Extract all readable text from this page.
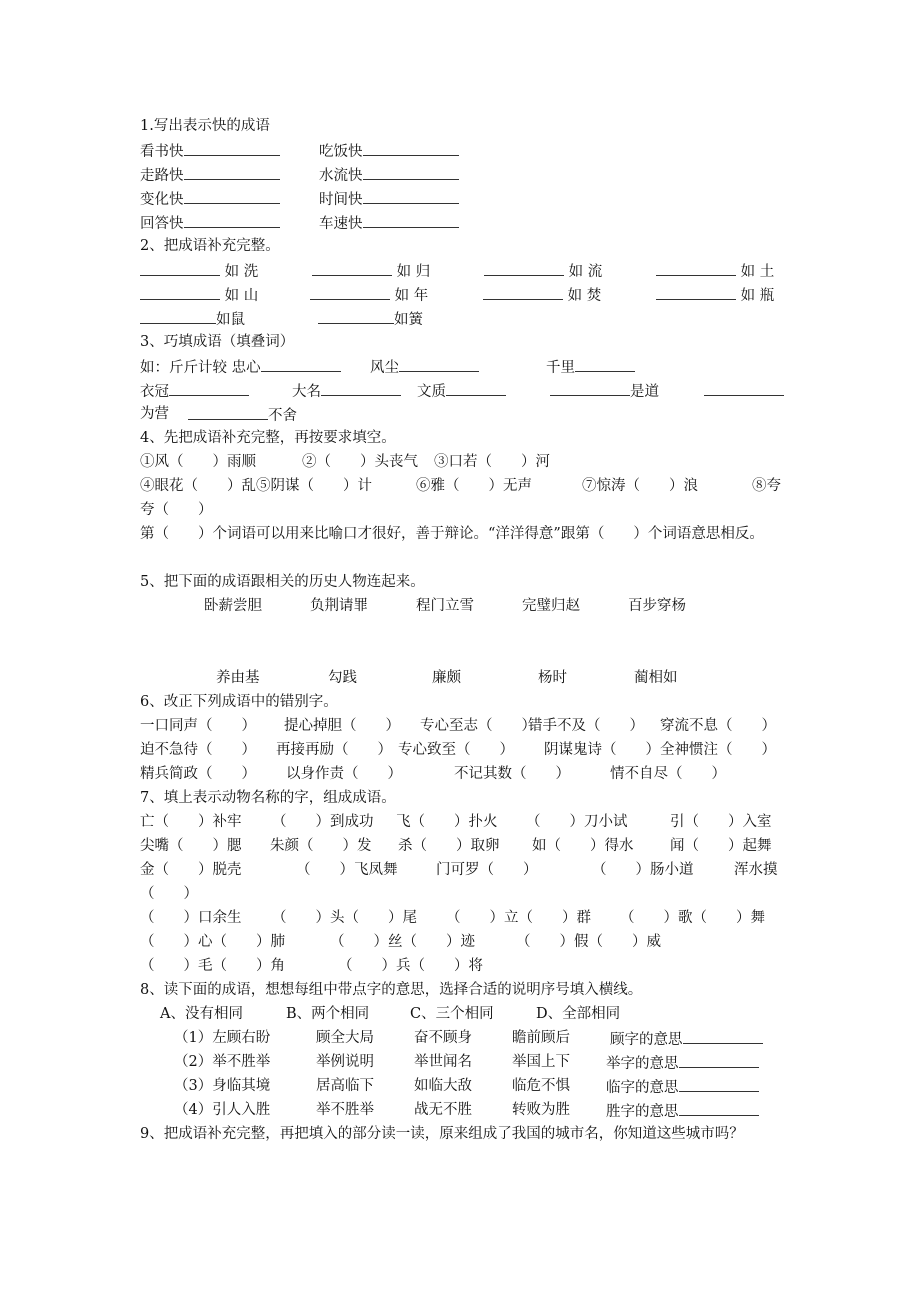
1.写出表示快的成语
看书快	吃饭快
走路快	水流快
变化快	时间快
回答快	车速快
2、把成语补充完整。
如 洗	如 归	如 流	如 土
如 山	如 年	如 焚	如 瓶
如鼠	如簧
3、巧填成语（填叠词）
如：斤斤计较 忠心	风尘	千里
衣冠	大名	文质	是道
为营	不舍
4、先把成语补充完整，再按要求填空。
①风（　　）雨顺	②（　　）头丧气 ③口若（　　）河
④眼花（　　）乱⑤阴谋（　　）计	⑥雅（　　）无声	⑦惊涛（　　）浪	⑧夸
夸（　　）
第（　　）个词语可以用来比喻口才很好，善于辩论。“洋洋得意”跟第（　　）个词语意思相反。
5、把下面的成语跟相关的历史人物连起来。
卧薪尝胆	负荆请罪	程门立雪	完璧归赵	百步穿杨
养由基	勾践	廉颇	杨时	蔺相如
6、改正下列成语中的错别字。
一口同声（　　） 提心掉胆（　　） 专心至志（　　）
错手不及（　　） 穿流不息（　　）
迫不急待（　　） 再接再励（　　） 专心致至（　　） 阴谋鬼诗（　　） 全神惯注（　　）
精兵简政（　　） 以身作责（　　）	不记其数（　　）	情不自尽（　　）
7、填上表示动物名称的字，组成成语。
亡（　　）补牢 （　　）到成功 飞（　　）扑火 （　　）刀小试	引（　　）入室
尖嘴（　　）腮 朱颜（　　）发 杀（　　）取卵 如（　　）得水	闻（　　）起舞
金（　　）脱壳	（　　）飞凤舞	门可罗（　　）	（　　）肠小道	浑水摸
（　　）
（　　）口余生 （　　）头（　　）尾 （　　）立（　　）群 （　　）歌（　　）舞
（　　）心（　　）肺	（　　）丝（　　）迹	（　　）假（　　）威
（　　）毛（　　）角	（　　）兵（　　）将
8、读下面的成语，想想每组中带点字的意思，选择合适的说明序号填入横线。
A、没有相同	B、两个相同	C、三个相同	D、全部相同
（1）左顾右盼	顾全大局	奋不顾身	瞻前顾后	顾字的意思
（2）举不胜举	举例说明	举世闻名	举国上下 举字的意思
（3）身临其境	居高临下	如临大敌	临危不惧 临字的意思
（4）引人入胜	举不胜举	战无不胜	转败为胜 胜字的意思
9、把成语补充完整，再把填入的部分读一读，原来组成了我国的城市名，你知道这些城市吗？
